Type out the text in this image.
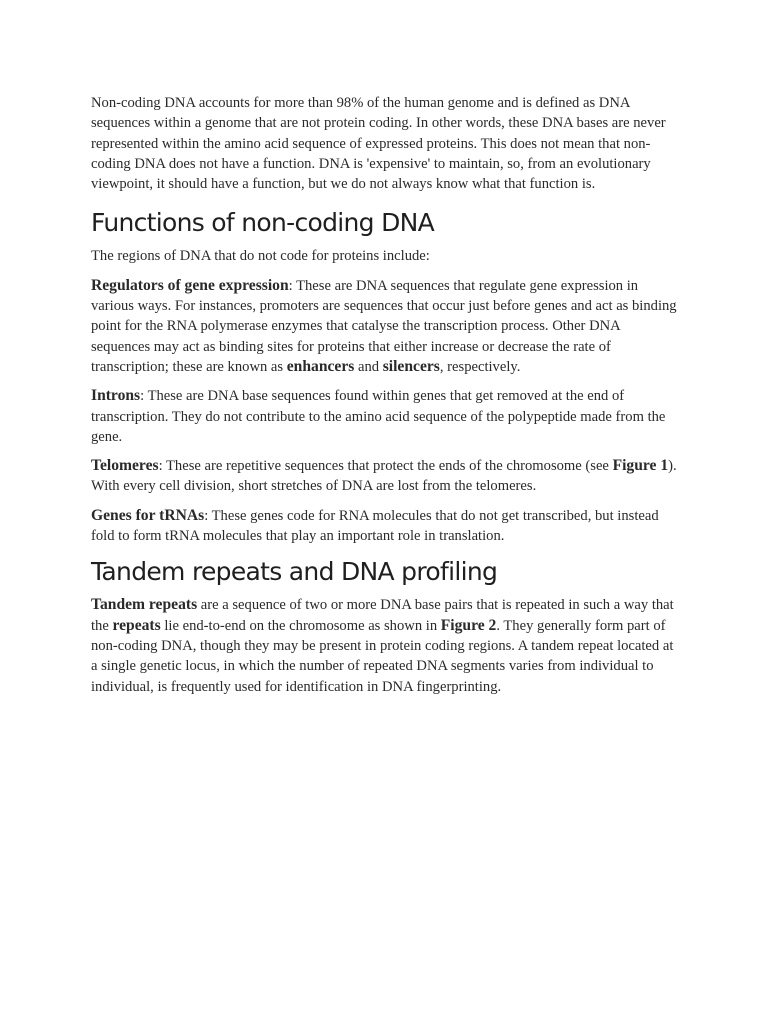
Non-coding DNA accounts for more than 98% of the human genome and is defined as DNA sequences within a genome that are not protein coding. In other words, these DNA bases are never represented within the amino acid sequence of expressed proteins. This does not mean that non-coding DNA does not have a function. DNA is 'expensive' to maintain, so, from an evolutionary viewpoint, it should have a function, but we do not always know what that function is.

Functions of non-coding DNA

The regions of DNA that do not code for proteins include:

Regulators of gene expression: These are DNA sequences that regulate gene expression in various ways. For instances, promoters are sequences that occur just before genes and act as binding point for the RNA polymerase enzymes that catalyse the transcription process. Other DNA sequences may act as binding sites for proteins that either increase or decrease the rate of transcription; these are known as enhancers and silencers, respectively.

Introns: These are DNA base sequences found within genes that get removed at the end of transcription. They do not contribute to the amino acid sequence of the polypeptide made from the gene.

Telomeres: These are repetitive sequences that protect the ends of the chromosome (see Figure 1). With every cell division, short stretches of DNA are lost from the telomeres.

Genes for tRNAs: These genes code for RNA molecules that do not get transcribed, but instead fold to form tRNA molecules that play an important role in translation.

Tandem repeats and DNA profiling

Tandem repeats are a sequence of two or more DNA base pairs that is repeated in such a way that the repeats lie end-to-end on the chromosome as shown in Figure 2. They generally form part of non-coding DNA, though they may be present in protein coding regions. A tandem repeat located at a single genetic locus, in which the number of repeated DNA segments varies from individual to individual, is frequently used for identification in DNA fingerprinting.
